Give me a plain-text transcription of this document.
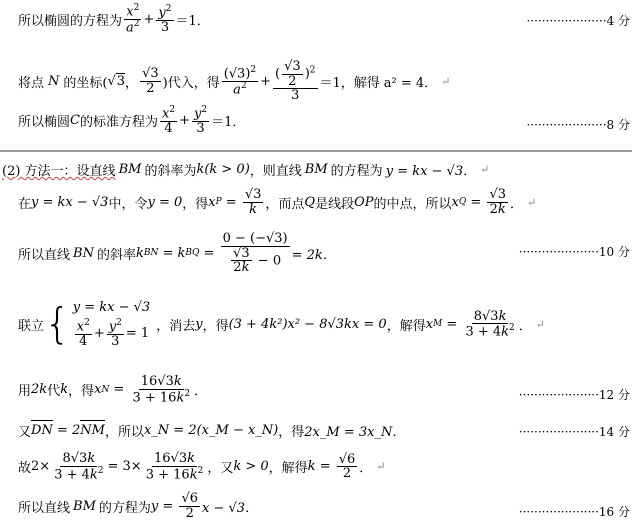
所以椭圆的方程为 $\frac{x^2}{a^2} + \frac{y^2}{3} =1$．	·····················4 分
将点 N 的坐标( √ 3 ， $\frac{√3}{2}$ )代入，得 $\frac{(√3)^2}{a^2} + \frac{( \frac{√3}{2} )^2}{3} =1$，解得 a² = 4． ↵
所以椭圆 C 的标准方程为 $\frac{x^2}{4} + \frac{y^2}{3} =1$．	·····················8 分
(2) 方法一：设直线 BM 的斜率为 k(k > 0) ，则直线 BM 的方程为 y = kx − √3． ↵
在 y = kx − √3 中，令 y = 0 ，得 x $P = \frac{√3}{k}$ ，而点 Q 是线段 OP 的中点，所以 x $Q = \frac{√3}{2k}$ ． ↵
所以直线 BN 的斜率 k BN = k BQ = $\frac{0 - (-√3)}{\frac{√3}{2k} - 0} = 2k$．	·····················10 分
联立 { y = kx − √3
$\frac{x^2}{4} + \frac{y^2}{3} = 1$ ，消去 y ，得 (3 + 4k²)x² − 8√3kx = 0 ，解得 x $M = \frac{8√3k}{3 + 4k^2}$ ． ↵
用 2k 代 k ，得 x $N = \frac{16√3k}{3 + 16k^2}$ ．	·····················12 分
又 DN = 2 NM ，所以 x_N = 2(x_M − x_N) ，得 2x_M = 3x_N．	·····················14 分
故 $2\times \frac{8√3k}{3 + 4k^2} = 3\times \frac{16√3k}{3 + 16k^2}$ ，又 k > 0 ，解得 $k = \frac{√6}{2}$ ． ↵
所以直线 BM 的方程为 $y = \frac{√6}{2}$ x − √3．	·····················16 分
